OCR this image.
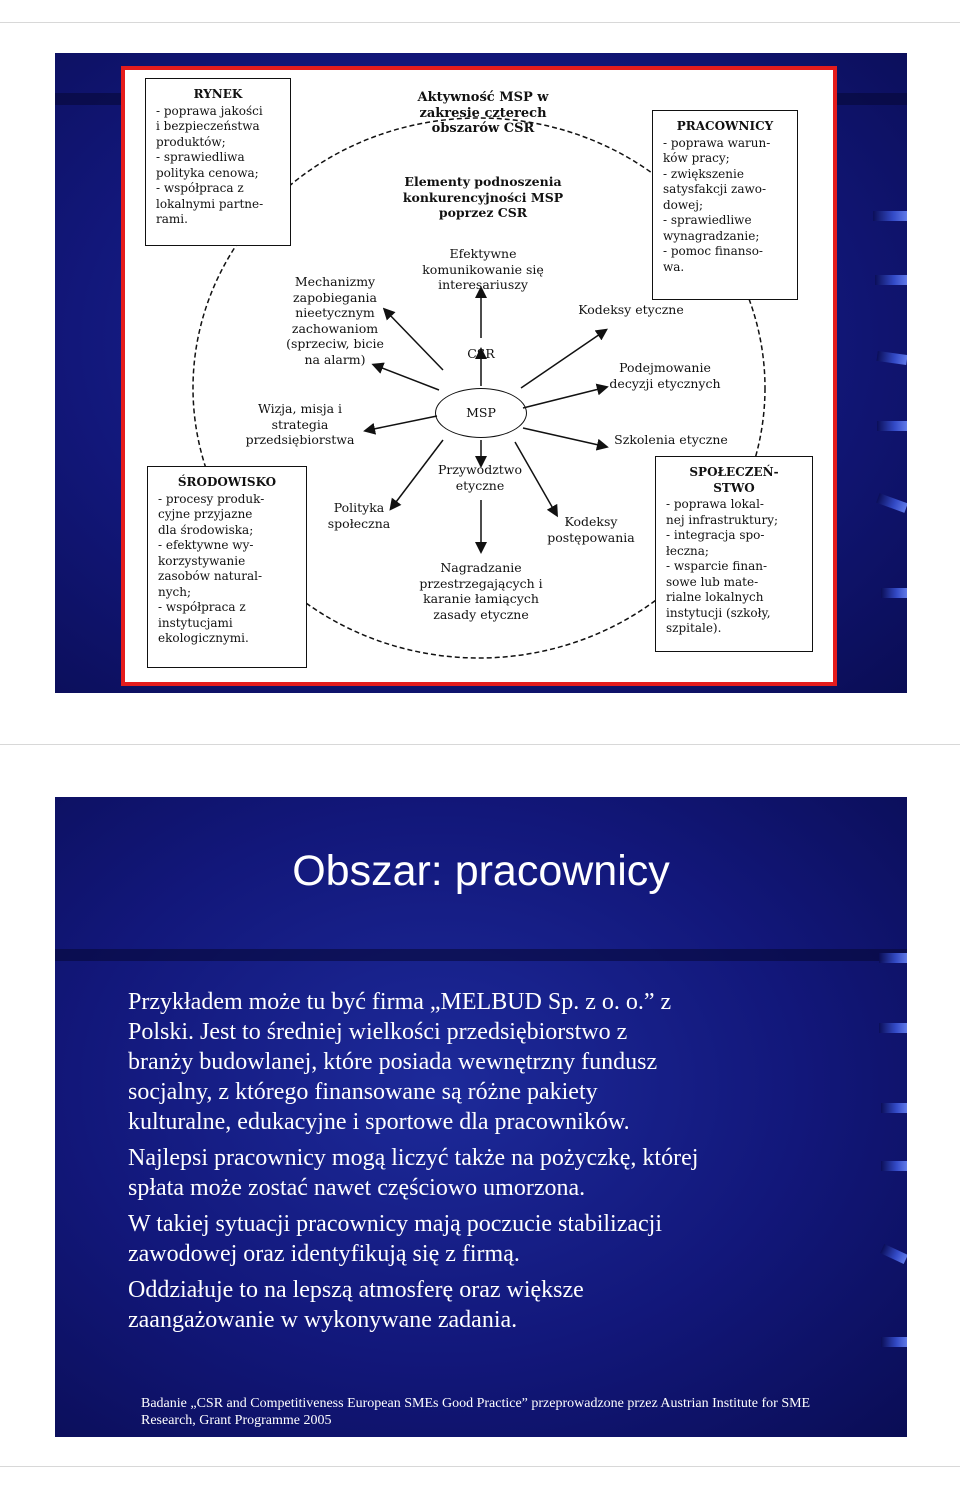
Aktywność MSP w
zakresie czterech
obszarów CSR
Elementy podnoszenia
konkurencyjności MSP
poprzez CSR
Efektywne
komunikowanie się
interesariuszy
Mechanizmy
zapobiegania
nieetycznym
zachowaniom
(sprzeciw, bicie
na alarm)
Kodeksy etyczne
CSR
Podejmowanie
decyzji etycznych
MSP
Wizja, misja i
strategia
przedsiębiorstwa	Szkolenia etyczne
Przywództwo
etyczne
Polityka
społeczna	Kodeksy
postępowania
Nagradzanie
przestrzegających i
karanie łamiących
zasady etyczne
RYNEK
- poprawa jakości
i bezpieczeństwa
produktów;
- sprawiedliwa
polityka cenowa;
- współpraca z
lokalnymi partne-
rami.
PRACOWNICY
- poprawa warun-
ków pracy;
- zwiększenie
satysfakcji zawo-
dowej;
- sprawiedliwe
wynagradzanie;
- pomoc finanso-
wa.
ŚRODOWISKO
- procesy produk-
cyjne przyjazne
dla środowiska;
- efektywne wy-
korzystywanie
zasobów natural-
nych;
- współpraca z
instytucjami
ekologicznymi.
SPOŁECZEŃ-
STWO
- poprawa lokal-
nej infrastruktury;
- integracja spo-
łeczna;
- wsparcie finan-
sowe lub mate-
rialne lokalnych
instytucji (szkoły,
szpitale).
Obszar: pracownicy

Przykładem może tu być firma „MELBUD Sp. z o. o.” z
Polski. Jest to średniej wielkości przedsiębiorstwo z
branży budowlanej, które posiada wewnętrzny fundusz
socjalny, z którego finansowane są różne pakiety
kulturalne, edukacyjne i sportowe dla pracowników.

Najlepsi pracownicy mogą liczyć także na pożyczkę, której
spłata może zostać nawet częściowo umorzona.

W takiej sytuacji pracownicy mają poczucie stabilizacji
zawodowej oraz identyfikują się z firmą.

Oddziałuje to na lepszą atmosferę oraz większe
zaangażowanie w wykonywane zadania.

Badanie „CSR and Competitiveness European SMEs Good Practice” przeprowadzone przez Austrian Institute for SME
Research, Grant Programme 2005
